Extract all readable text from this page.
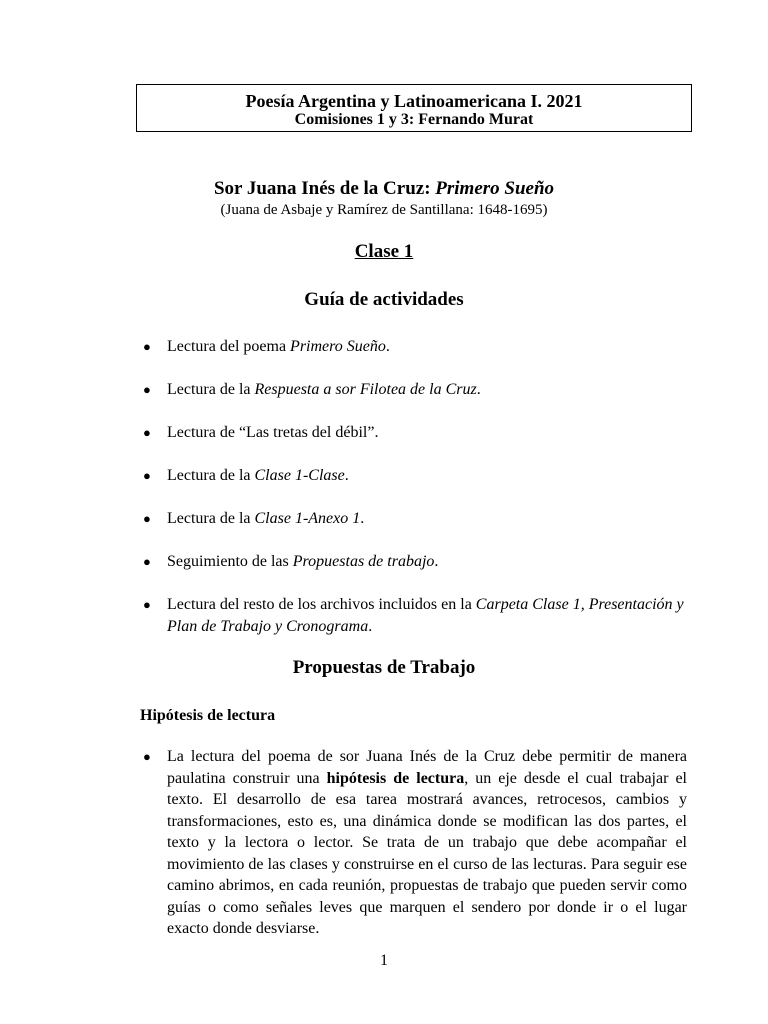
Poesía Argentina y Latinoamericana I. 2021
Comisiones 1 y 3: Fernando Murat
Sor Juana Inés de la Cruz: Primero Sueño
(Juana de Asbaje y Ramírez de Santillana: 1648-1695)
Clase 1
Guía de actividades
● Lectura del poema Primero Sueño.
● Lectura de la Respuesta a sor Filotea de la Cruz.
● Lectura de “Las tretas del débil”.
● Lectura de la Clase 1-Clase.
● Lectura de la Clase 1-Anexo 1.
● Seguimiento de las Propuestas de trabajo.
● Lectura del resto de los archivos incluidos en la Carpeta Clase 1, Presentación y Plan de Trabajo y Cronograma.
Propuestas de Trabajo
Hipótesis de lectura
● La lectura del poema de sor Juana Inés de la Cruz debe permitir de manera paulatina construir una hipótesis de lectura, un eje desde el cual trabajar el texto. El desarrollo de esa tarea mostrará avances, retrocesos, cambios y transformaciones, esto es, una dinámica donde se modifican las dos partes, el texto y la lectora o lector. Se trata de un trabajo que debe acompañar el movimiento de las clases y construirse en el curso de las lecturas. Para seguir ese camino abrimos, en cada reunión, propuestas de trabajo que pueden servir como guías o como señales leves que marquen el sendero por donde ir o el lugar exacto donde desviarse.
1
